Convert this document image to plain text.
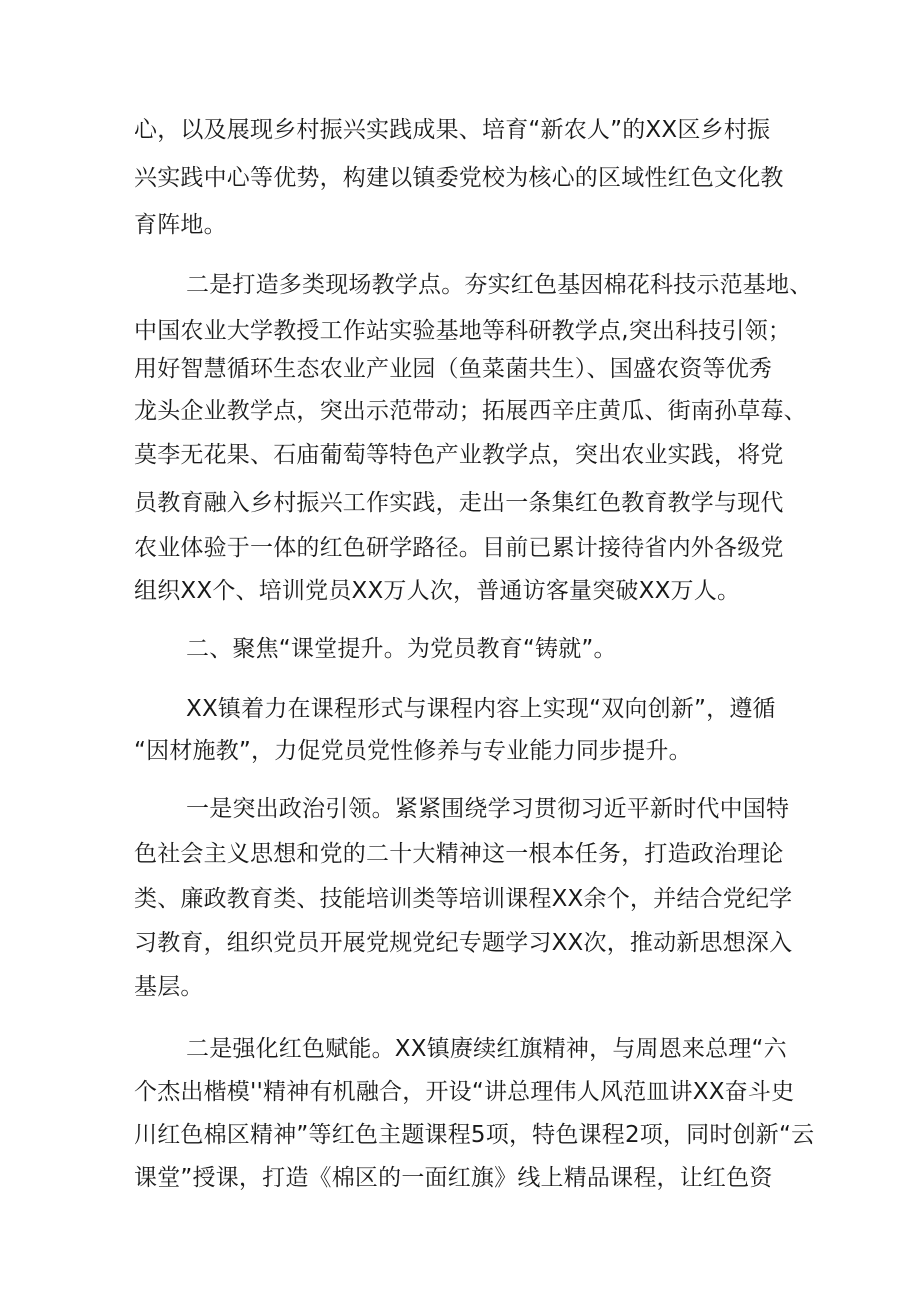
心，以及展现乡村振兴实践成果、培育“新农人”的XX区乡村振

兴实践中心等优势，构建以镇委党校为核心的区域性红色文化教

育阵地。

二是打造多类现场教学点。夯实红色基因棉花科技示范基地、

中国农业大学教授工作站实验基地等科研教学点,突出科技引领；

用好智慧循环生态农业产业园（鱼菜菌共生）、国盛农资等优秀

龙头企业教学点，突出示范带动；拓展西辛庄黄瓜、街南孙草莓、

莫李无花果、石庙葡萄等特色产业教学点，突出农业实践，将党

员教育融入乡村振兴工作实践，走出一条集红色教育教学与现代

农业体验于一体的红色研学路径。目前已累计接待省内外各级党

组织XX个、培训党员XX万人次，普通访客量突破XX万人。

二、聚焦“课堂提升。为党员教育“铸就”。

XX镇着力在课程形式与课程内容上实现“双向创新”，遵循

“因材施教”，力促党员党性修养与专业能力同步提升。

一是突出政治引领。紧紧围绕学习贯彻习近平新时代中国特

色社会主义思想和党的二十大精神这一根本任务，打造政治理论

类、廉政教育类、技能培训类等培训课程XX余个，并结合党纪学

习教育，组织党员开展党规党纪专题学习XX次，推动新思想深入

基层。

二是强化红色赋能。XX镇赓续红旗精神，与周恩来总理“六

个杰出楷模''精神有机融合，开设“讲总理伟人风范皿讲XX奋斗史

川红色棉区精神”等红色主题课程5项，特色课程2项，同时创新“云

课堂”授课，打造《棉区的一面红旗》线上精品课程，让红色资
